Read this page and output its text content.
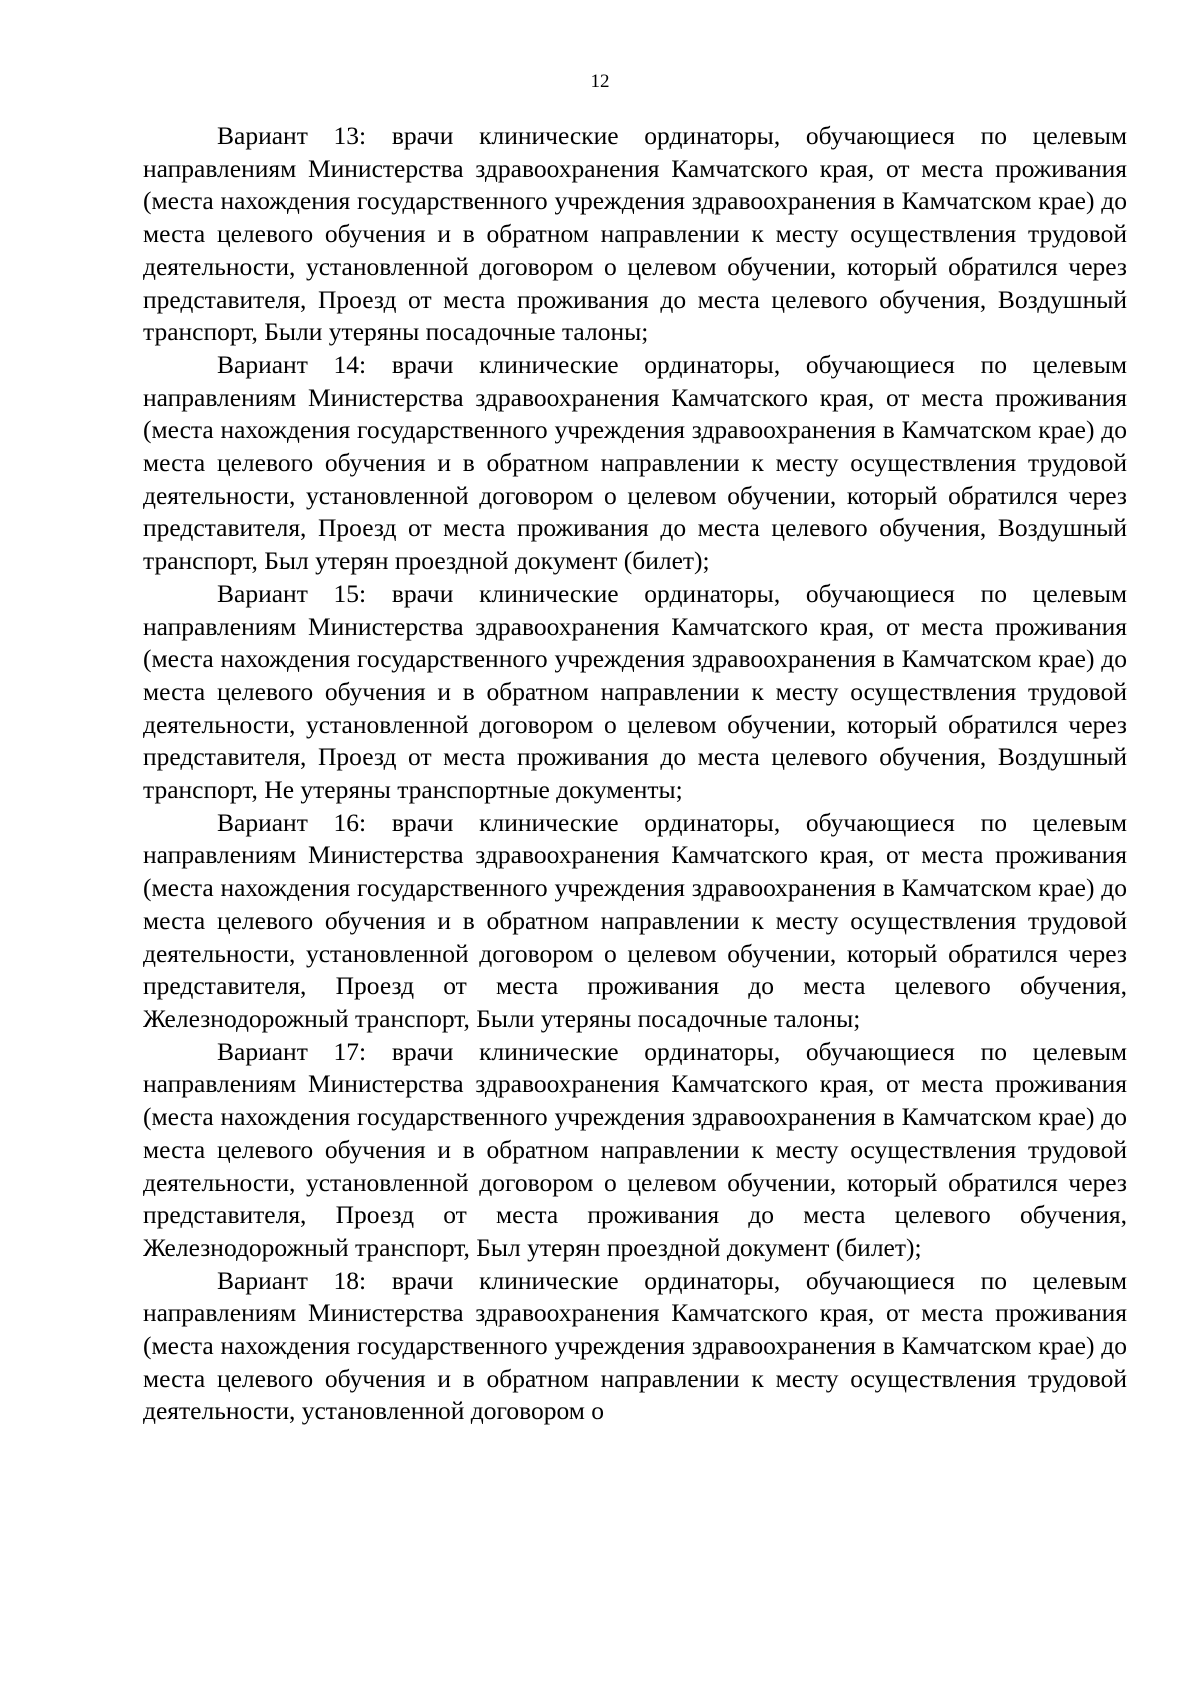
12

Вариант 13: врачи клинические ординаторы, обучающиеся по целевым направлениям Министерства здравоохранения Камчатского края, от места проживания (места нахождения государственного учреждения здравоохранения в Камчатском крае) до места целевого обучения и в обратном направлении к месту осуществления трудовой деятельности, установленной договором о целевом обучении, который обратился через представителя, Проезд от места проживания до места целевого обучения, Воздушный транспорт, Были утеряны посадочные талоны;

Вариант 14: врачи клинические ординаторы, обучающиеся по целевым направлениям Министерства здравоохранения Камчатского края, от места проживания (места нахождения государственного учреждения здравоохранения в Камчатском крае) до места целевого обучения и в обратном направлении к месту осуществления трудовой деятельности, установленной договором о целевом обучении, который обратился через представителя, Проезд от места проживания до места целевого обучения, Воздушный транспорт, Был утерян проездной документ (билет);

Вариант 15: врачи клинические ординаторы, обучающиеся по целевым направлениям Министерства здравоохранения Камчатского края, от места проживания (места нахождения государственного учреждения здравоохранения в Камчатском крае) до места целевого обучения и в обратном направлении к месту осуществления трудовой деятельности, установленной договором о целевом обучении, который обратился через представителя, Проезд от места проживания до места целевого обучения, Воздушный транспорт, Не утеряны транспортные документы;

Вариант 16: врачи клинические ординаторы, обучающиеся по целевым направлениям Министерства здравоохранения Камчатского края, от места проживания (места нахождения государственного учреждения здравоохранения в Камчатском крае) до места целевого обучения и в обратном направлении к месту осуществления трудовой деятельности, установленной договором о целевом обучении, который обратился через представителя, Проезд от места проживания до места целевого обучения, Железнодорожный транспорт, Были утеряны посадочные талоны;

Вариант 17: врачи клинические ординаторы, обучающиеся по целевым направлениям Министерства здравоохранения Камчатского края, от места проживания (места нахождения государственного учреждения здравоохранения в Камчатском крае) до места целевого обучения и в обратном направлении к месту осуществления трудовой деятельности, установленной договором о целевом обучении, который обратился через представителя, Проезд от места проживания до места целевого обучения, Железнодорожный транспорт, Был утерян проездной документ (билет);

Вариант 18: врачи клинические ординаторы, обучающиеся по целевым направлениям Министерства здравоохранения Камчатского края, от места проживания (места нахождения государственного учреждения здравоохранения в Камчатском крае) до места целевого обучения и в обратном направлении к месту осуществления трудовой деятельности, установленной договором о
